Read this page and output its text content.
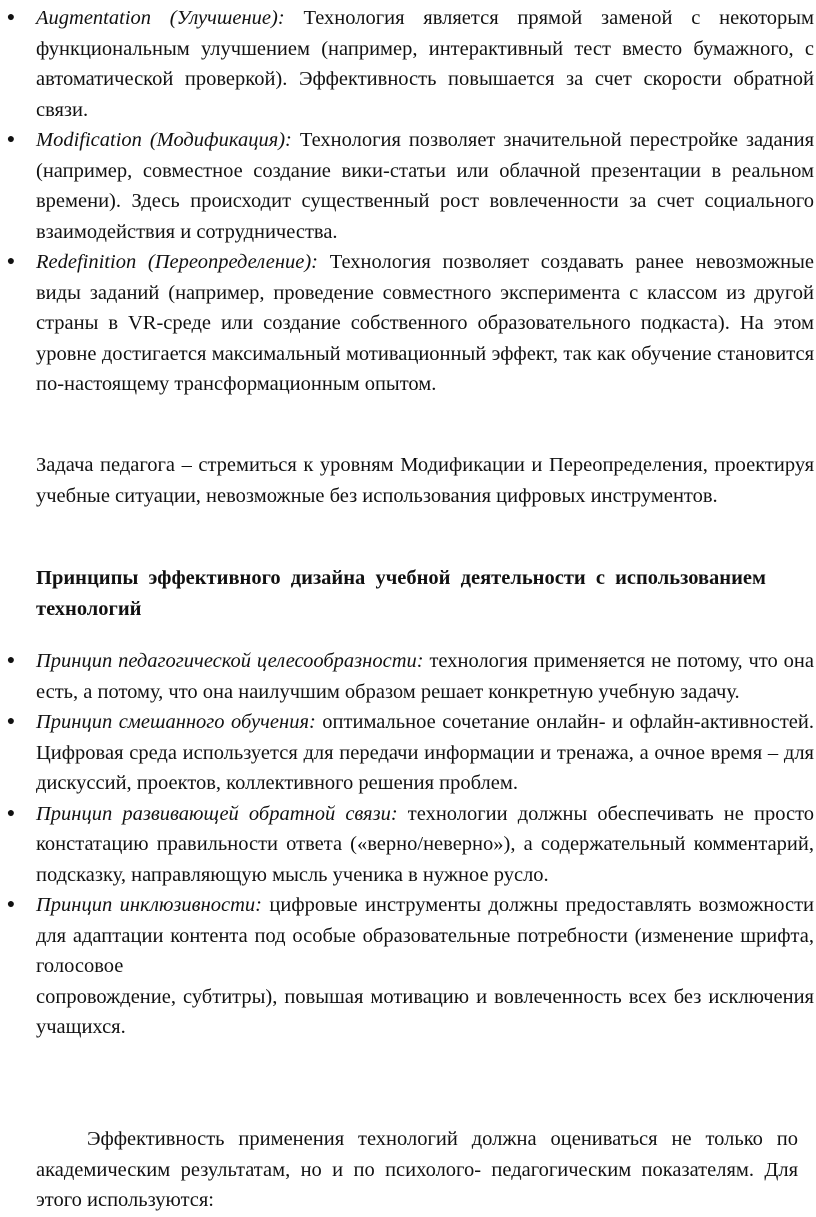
● Augmentation (Улучшение): Технология является прямой заменой с некоторым функциональным улучшением (например, интерактивный тест вместо бумажного, с автоматической проверкой). Эффективность повышается за счет скорости обратной связи.
● Modification (Модификация): Технология позволяет значительной перестройке задания (например, совместное создание вики-статьи или облачной презентации в реальном времени). Здесь происходит существенный рост вовлеченности за счет социального взаимодействия и сотрудничества.
● Redefinition (Переопределение): Технология позволяет создавать ранее невозможные виды заданий (например, проведение совместного эксперимента с классом из другой страны в VR-среде или создание собственного образовательного подкаста). На этом уровне достигается максимальный мотивационный эффект, так как обучение становится по-настоящему трансформационным опытом.

Задача педагога – стремиться к уровням Модификации и Переопределения, проектируя учебные ситуации, невозможные без использования цифровых инструментов.

Принципы эффективного дизайна учебной деятельности с использованием технологий
● Принцип педагогической целесообразности: технология применяется не потому, что она есть, а потому, что она наилучшим образом решает конкретную учебную задачу.
● Принцип смешанного обучения: оптимальное сочетание онлайн- и офлайн-активностей. Цифровая среда используется для передачи информации и тренажа, а очное время – для дискуссий, проектов, коллективного решения проблем.
● Принцип развивающей обратной связи: технологии должны обеспечивать не просто констатацию правильности ответа («верно/неверно»), а содержательный комментарий, подсказку, направляющую мысль ученика в нужное русло.
● Принцип инклюзивности: цифровые инструменты должны предоставлять возможности для адаптации контента под особые образовательные потребности (изменение шрифта, голосовое
сопровождение, субтитры), повышая мотивацию и вовлеченность всех без исключения учащихся.

Эффективность применения технологий должна оцениваться не только по академическим результатам, но и по психолого- педагогическим показателям. Для этого используются:
